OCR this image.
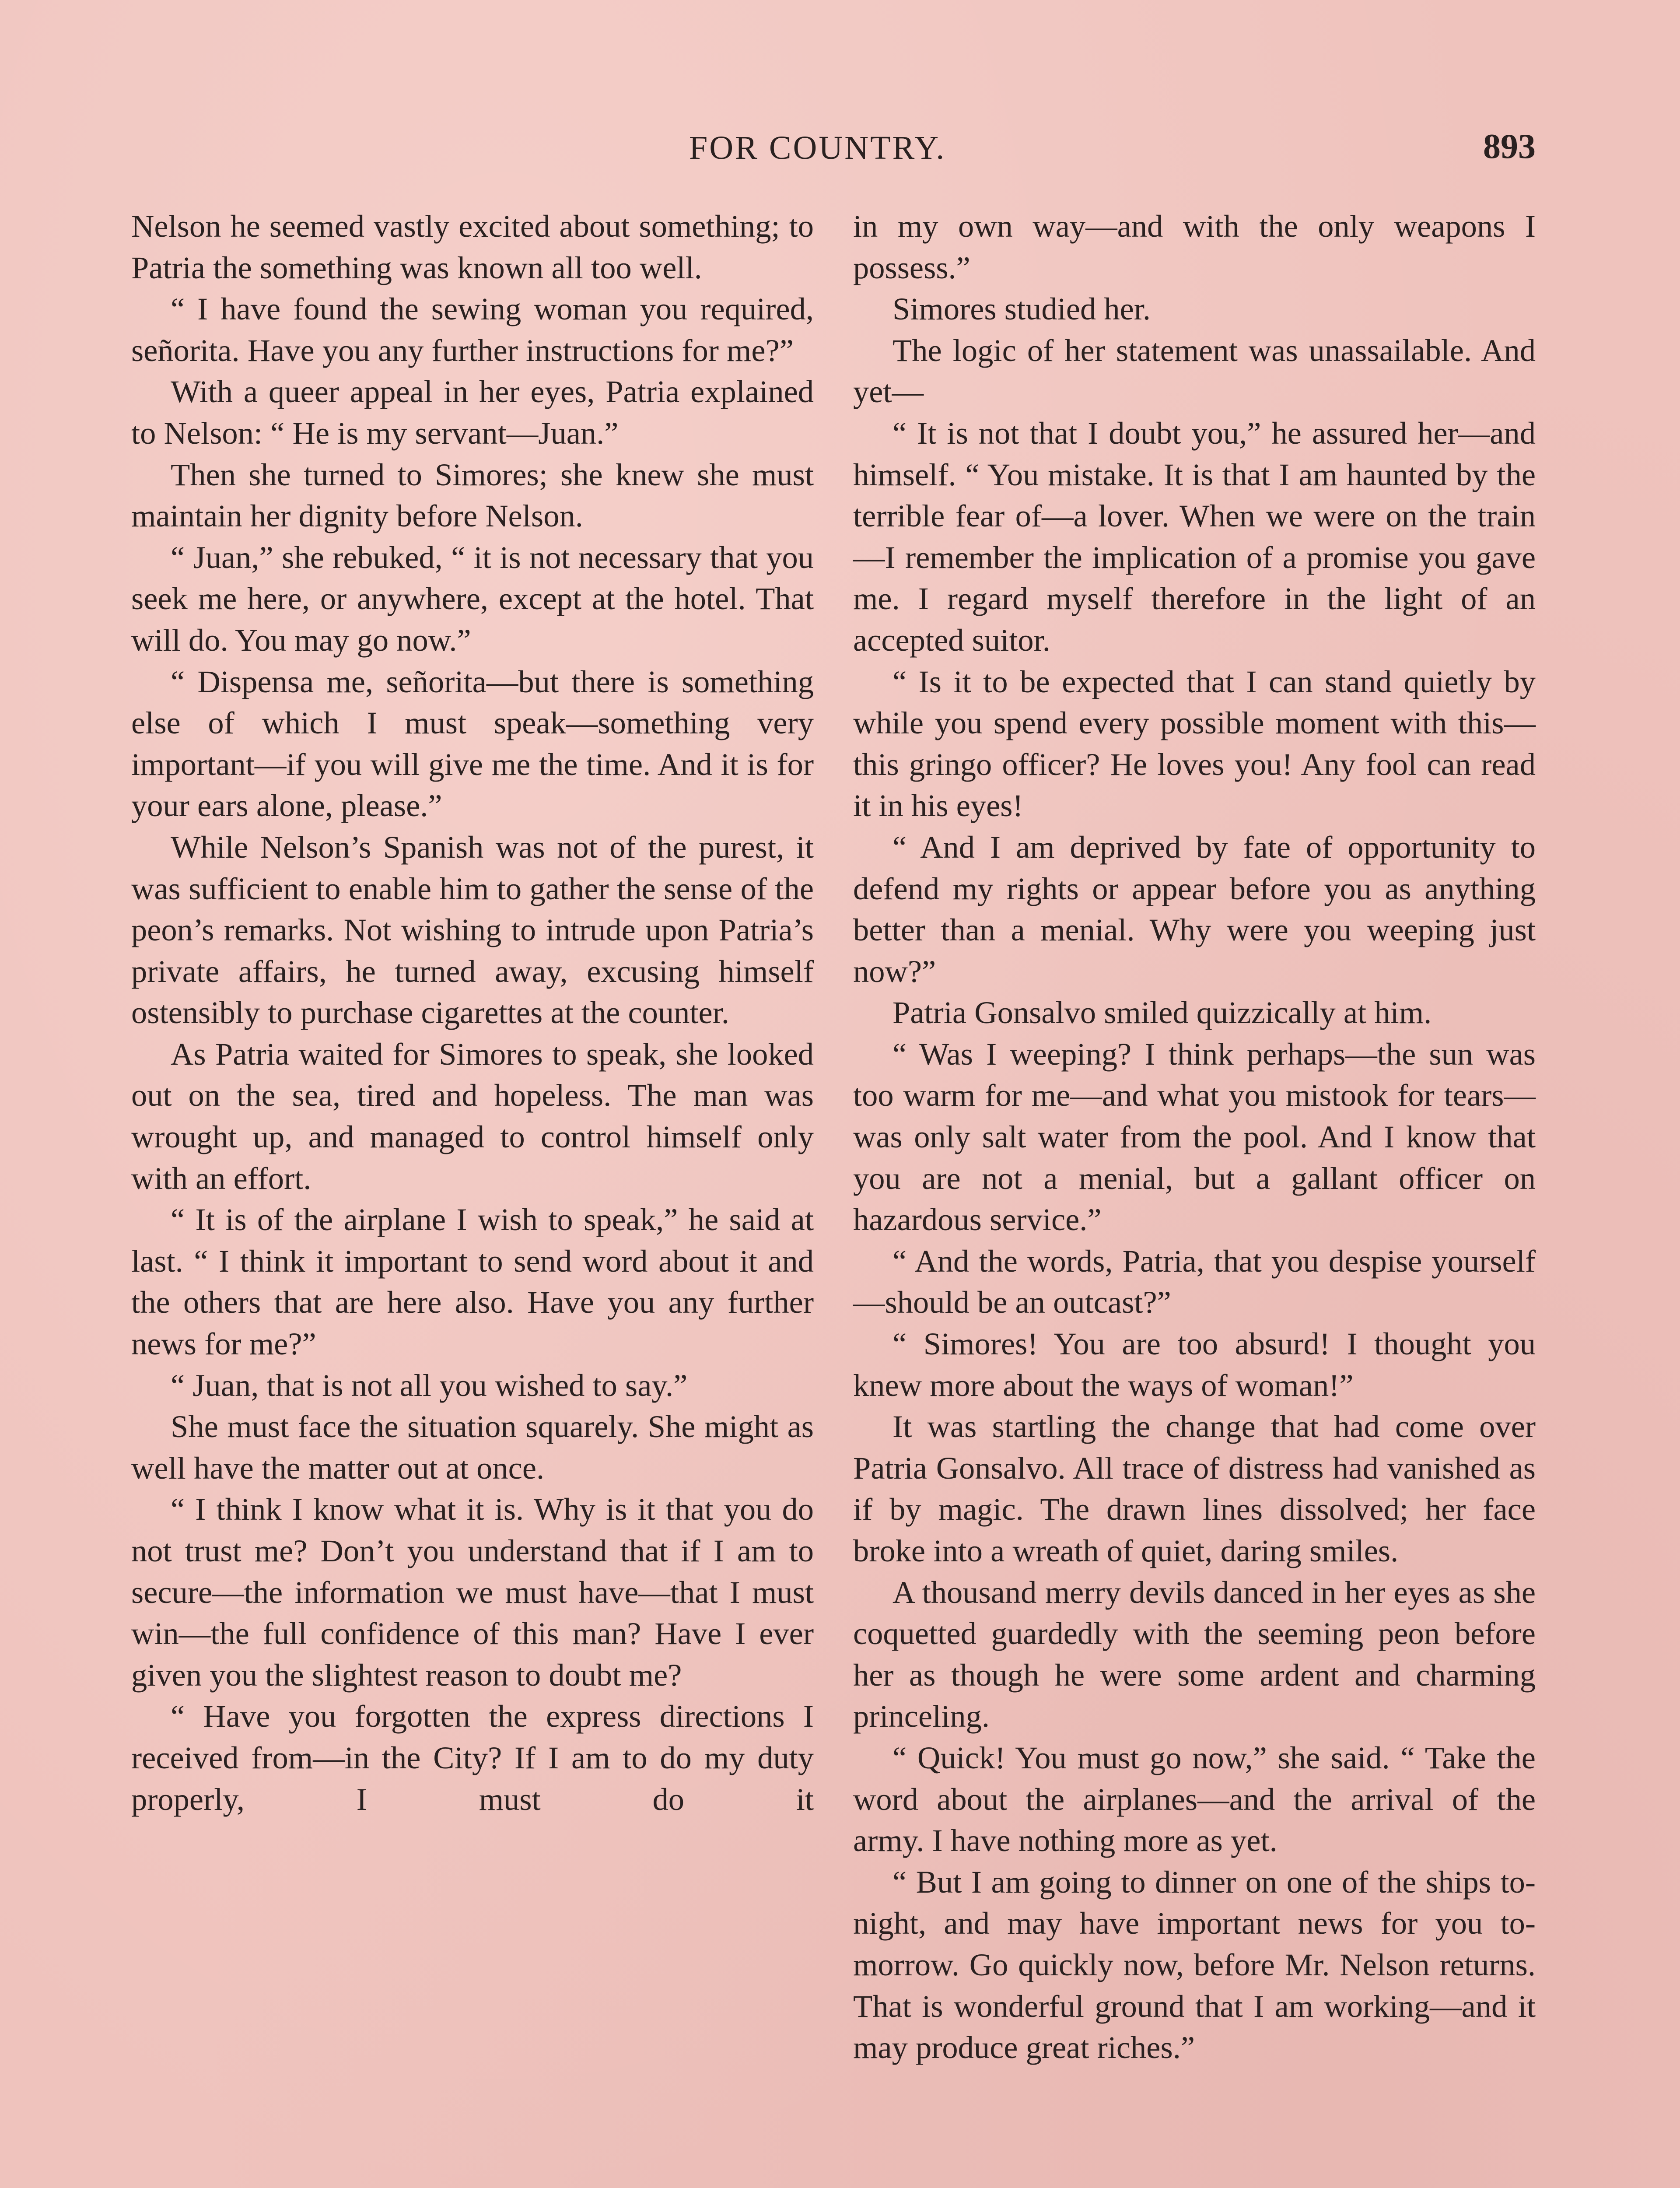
FOR COUNTRY.	893

Nelson he seemed vastly excited about something; to Patria the something was known all too well.

“ I have found the sewing woman you required, señorita. Have you any further instructions for me?”

With a queer appeal in her eyes, Patria explained to Nelson: “ He is my servant—Juan.”

Then she turned to Simores; she knew she must maintain her dignity before Nelson.

“ Juan,” she rebuked, “ it is not necessary that you seek me here, or anywhere, except at the hotel. That will do. You may go now.”

“ Dispensa me, señorita—but there is something else of which I must speak—something very important—if you will give me the time. And it is for your ears alone, please.”

While Nelson’s Spanish was not of the purest, it was sufficient to enable him to gather the sense of the peon’s remarks. Not wishing to intrude upon Patria’s private affairs, he turned away, excusing himself ostensibly to purchase cigarettes at the counter.

As Patria waited for Simores to speak, she looked out on the sea, tired and hopeless. The man was wrought up, and managed to control himself only with an effort.

“ It is of the airplane I wish to speak,” he said at last. “ I think it important to send word about it and the others that are here also. Have you any further news for me?”

“ Juan, that is not all you wished to say.”

She must face the situation squarely. She might as well have the matter out at once.

“ I think I know what it is. Why is it that you do not trust me? Don’t you understand that if I am to secure—the information we must have—that I must win—the full confidence of this man? Have I ever given you the slightest reason to doubt me?

“ Have you forgotten the express directions I received from—in the City? If I am to do my duty properly, I must do it

in my own way—and with the only weapons I possess.”

Simores studied her.

The logic of her statement was unassailable. And yet—

“ It is not that I doubt you,” he assured her—and himself. “ You mistake. It is that I am haunted by the terrible fear of—a lover. When we were on the train—I remember the implication of a promise you gave me. I regard myself therefore in the light of an accepted suitor.

“ Is it to be expected that I can stand quietly by while you spend every possible moment with this—this gringo officer? He loves you! Any fool can read it in his eyes!

“ And I am deprived by fate of opportunity to defend my rights or appear before you as anything better than a menial. Why were you weeping just now?”

Patria Gonsalvo smiled quizzically at him.

“ Was I weeping? I think perhaps—the sun was too warm for me—and what you mistook for tears—was only salt water from the pool. And I know that you are not a menial, but a gallant officer on hazardous service.”

“ And the words, Patria, that you despise yourself—should be an outcast?”

“ Simores! You are too absurd! I thought you knew more about the ways of woman!”

It was startling the change that had come over Patria Gonsalvo. All trace of distress had vanished as if by magic. The drawn lines dissolved; her face broke into a wreath of quiet, daring smiles.

A thousand merry devils danced in her eyes as she coquetted guardedly with the seeming peon before her as though he were some ardent and charming princeling.

“ Quick! You must go now,” she said. “ Take the word about the airplanes—and the arrival of the army. I have nothing more as yet.

“ But I am going to dinner on one of the ships to-night, and may have important news for you to-morrow. Go quickly now, before Mr. Nelson returns. That is wonderful ground that I am working—and it may produce great riches.”
